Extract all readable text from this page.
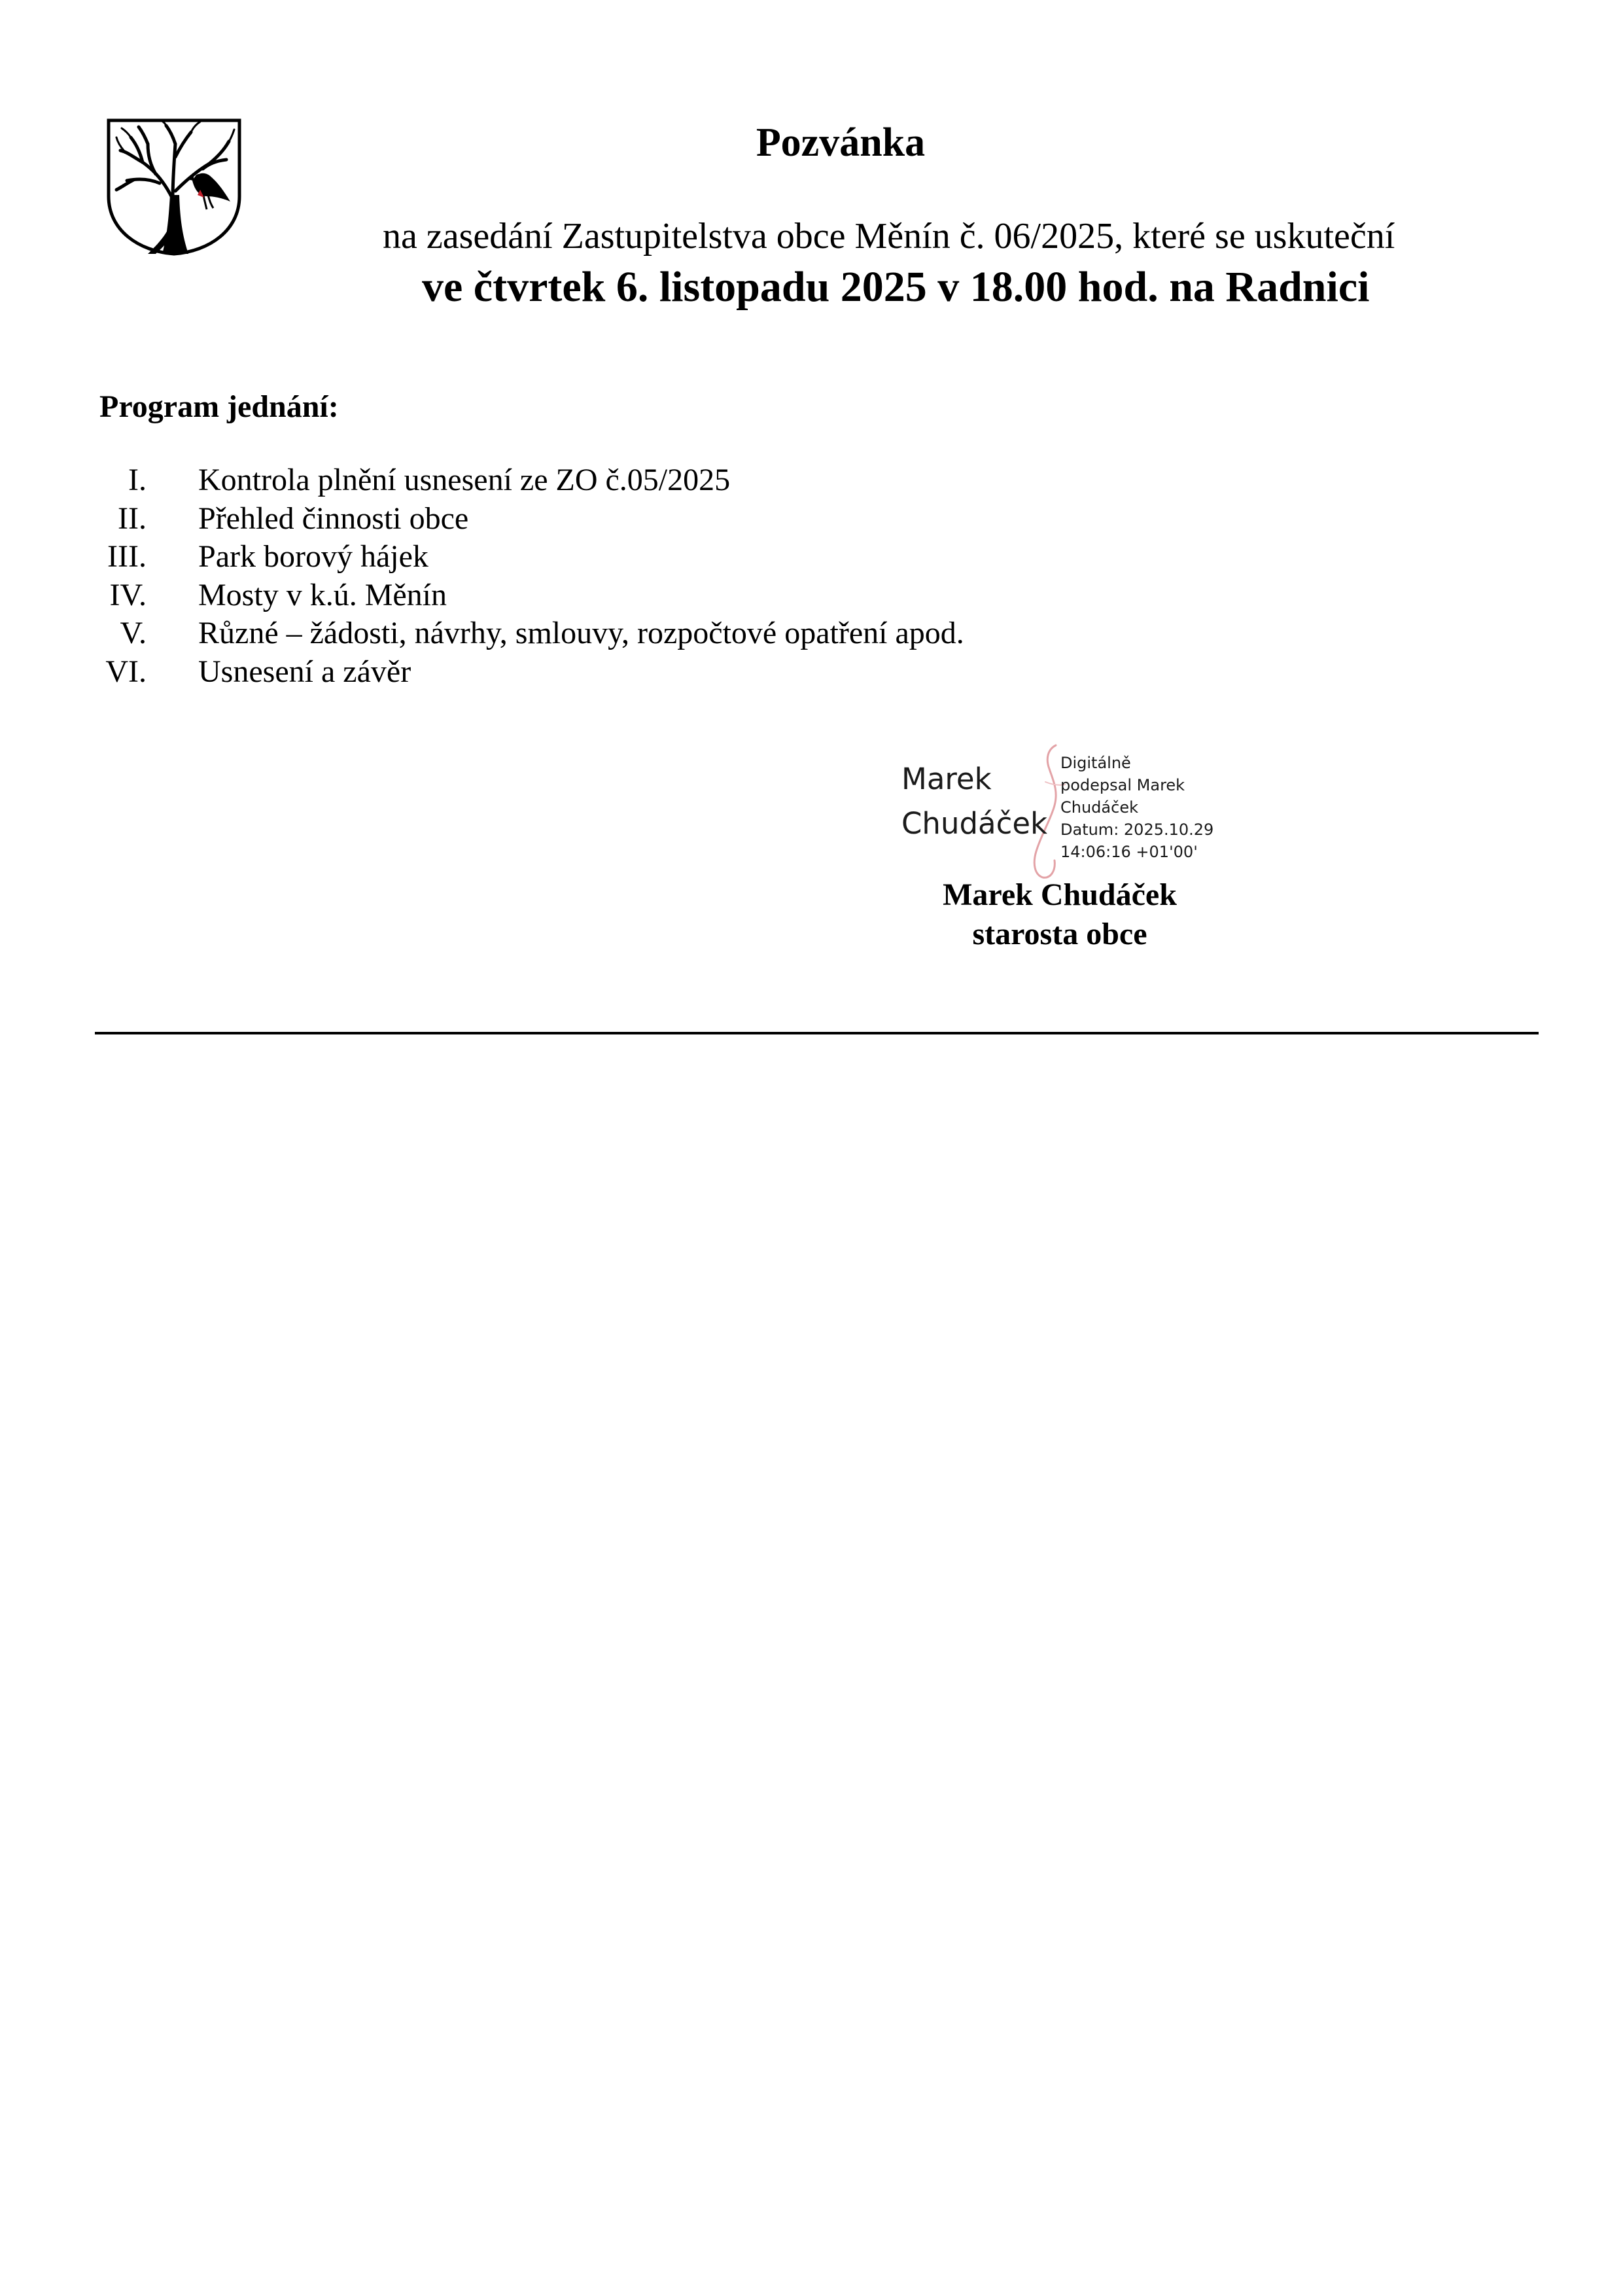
Pozvánka
na zasedání Zastupitelstva obce Měnín č. 06/2025, které se uskuteční
ve čtvrtek 6. listopadu 2025 v 18.00 hod. na Radnici
Program jednání:
I. Kontrola plnění usnesení ze ZO č.05/2025
II. Přehled činnosti obce
III. Park borový hájek
IV. Mosty v k.ú. Měnín
V. Různé – žádosti, návrhy, smlouvy, rozpočtové opatření apod.
VI. Usnesení a závěr
Marek
Chudáček
Digitálně
podepsal Marek
Chudáček
Datum: 2025.10.29
14:06:16 +01'00'
Marek Chudáček
starosta obce
